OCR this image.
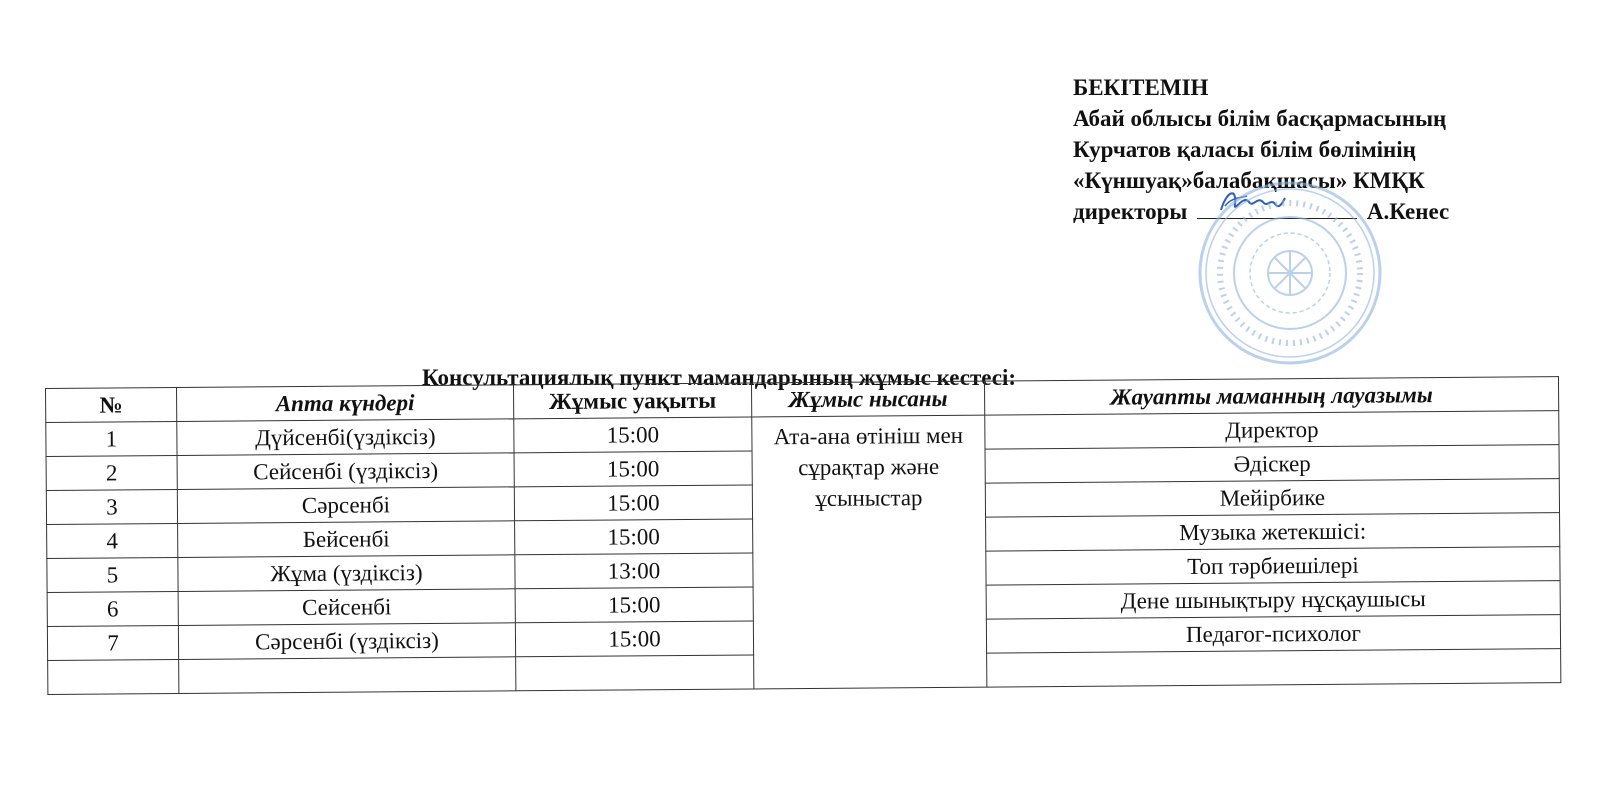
БЕКІТЕМІН
Абай облысы білім басқармасының
Курчатов қаласы білім бөлімінің
«Күншуақ»балабақшасы» КМҚК
директоры	А.Кенес
Консультациялық пункт мамандарының жұмыс кестесі:
№	Апта күндері	Жұмыс уақыты	Жұмыс нысаны	Жауапты маманның лауазымы
1	Дүйсенбі(үздіксіз)	15:00	Ата-ана өтініш мен сұрақтар және ұсыныстар	Директор
2	Сейсенбі (үздіксіз)	15:00		Әдіскер
3	Сәрсенбі	15:00		Мейірбике
4	Бейсенбі	15:00		Музыка жетекшісі:
5	Жұма (үздіксіз)	13:00		Топ тәрбиешілері
6	Сейсенбі	15:00		Дене шынықтыру нұсқаушысы
7	Сәрсенбі (үздіксіз)	15:00		Педагог-психолог
